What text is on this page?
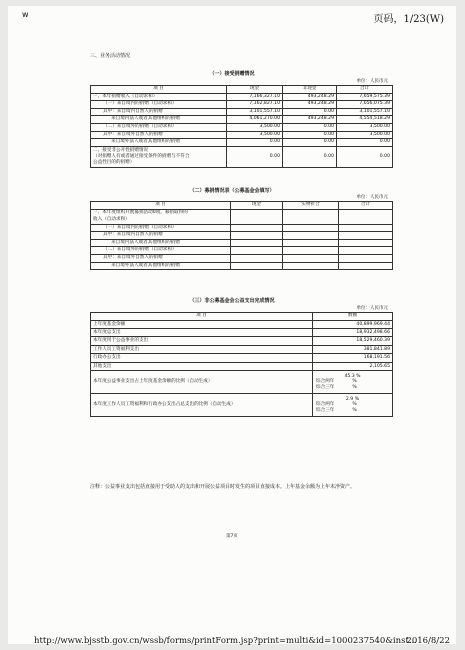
w	页码，1/23(W)
三、业务活动情况
（一）接受捐赠情况
单位：人民币元
项 目	现金	非现金	合计
一、本年捐赠收入（自动求和）	7,166,327.10	493,248.29	7,659,575.39
（一）来自境内的捐赠（自动求和）	7,162,827.10	493,248.29	7,656,075.39
其中：来自境内自然人的捐赠	3,101,557.10	0.00	3,101,557.10
来自境内法人或者其他组织的捐赠	4,061,270.00	493,248.29	4,554,518.29
（二）来自境外的捐赠（自动求和）	3,500.00	0.00	3,500.00
其中：来自境外自然人的捐赠	3,500.00	0.00	3,500.00
来自境外法人或者其他组织的捐赠	0.00	0.00	0.00

二、接受非公开性捐赠情况
（对捐赠人有或者通过接受条件的捐赠与不符合
公益性目的的捐赠）	0.00	0.00	0.00
（二）募捐情况表（公募基金会填写）
单位：人民币元
项 目	现金	实物折合	合计

一、本年度组织开展募捐活动0项，募捐取得的
收入（自动求和）			

（一）来自境内的捐赠（自动求和）			
其中：来自境内自然人的捐赠			
来自境内法人或者其他组织的捐赠			
（二）来自境外的捐赠（自动求和）			
其中：来自境外自然人的捐赠			
来自境外法人或者其他组织的捐赠			
（三）非公募基金会公益支出完成情况
单位：人民币元
项 目	数额
上年度基金余额	40,899,969.44
本年度总支出	18,932,498.66
本年度用于公益事业的支出	18,529,460.39
工作人员工资福利支出	381,841.89
行政办公支出	168,191.56
其他支出	2,105.65
本年度公益事业支出占上年度基金余额的比例（自动生成）	45.3 %
综合两年 %
综合三年 %

本年度工作人员工资福利和行政办公支出占总支出的比例（自动生成）	2.9 %
综合两年 %
综合三年 %
注释：公益事业支出包括直接用于受助人的支出和开展公益项目时发生的项目直接成本。上年基金余额为上年末净资产。
第7页
http://www.bjsstb.gov.cn/wssb/forms/printForm.jsp?print=multi&id=1000237540&inst...
2016/8/22
